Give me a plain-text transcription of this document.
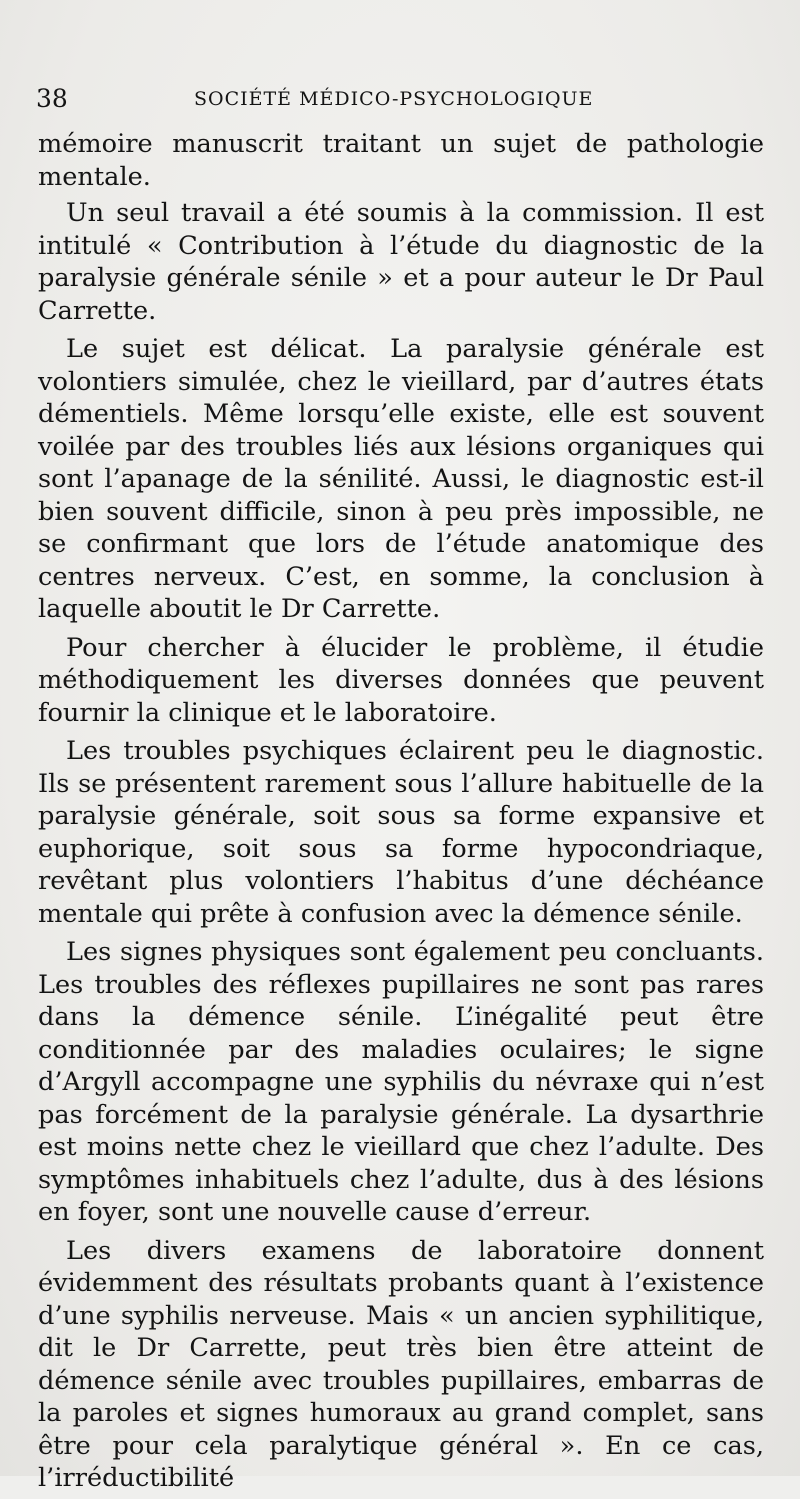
38	SOCIÉTÉ MÉDICO-PSYCHOLOGIQUE

mémoire manuscrit traitant un sujet de pathologie mentale.

Un seul travail a été soumis à la commission. Il est intitulé « Contribution à l’étude du diagnostic de la paralysie générale sénile » et a pour auteur le Dr Paul Carrette.

Le sujet est délicat. La paralysie générale est volontiers simulée, chez le vieillard, par d’autres états démentiels. Même lorsqu’elle existe, elle est souvent voilée par des troubles liés aux lésions organiques qui sont l’apanage de la sénilité. Aussi, le diagnostic est-il bien souvent difficile, sinon à peu près impossible, ne se confirmant que lors de l’étude anatomique des centres nerveux. C’est, en somme, la conclusion à laquelle aboutit le Dr Carrette.

Pour chercher à élucider le problème, il étudie méthodiquement les diverses données que peuvent fournir la clinique et le laboratoire.

Les troubles psychiques éclairent peu le diagnostic. Ils se présentent rarement sous l’allure habituelle de la paralysie générale, soit sous sa forme expansive et euphorique, soit sous sa forme hypocondriaque, revêtant plus volontiers l’habitus d’une déchéance mentale qui prête à confusion avec la démence sénile.

Les signes physiques sont également peu concluants. Les troubles des réflexes pupillaires ne sont pas rares dans la démence sénile. L’inégalité peut être conditionnée par des maladies oculaires; le signe d’Argyll accompagne une syphilis du névraxe qui n’est pas forcément de la paralysie générale. La dysarthrie est moins nette chez le vieillard que chez l’adulte. Des symptômes inhabituels chez l’adulte, dus à des lésions en foyer, sont une nouvelle cause d’erreur.

Les divers examens de laboratoire donnent évidemment des résultats probants quant à l’existence d’une syphilis nerveuse. Mais « un ancien syphilitique, dit le Dr Carrette, peut très bien être atteint de démence sénile avec troubles pupillaires, embarras de la paroles et signes humoraux au grand complet, sans être pour cela paralytique général ». En ce cas, l’irréductibilité
